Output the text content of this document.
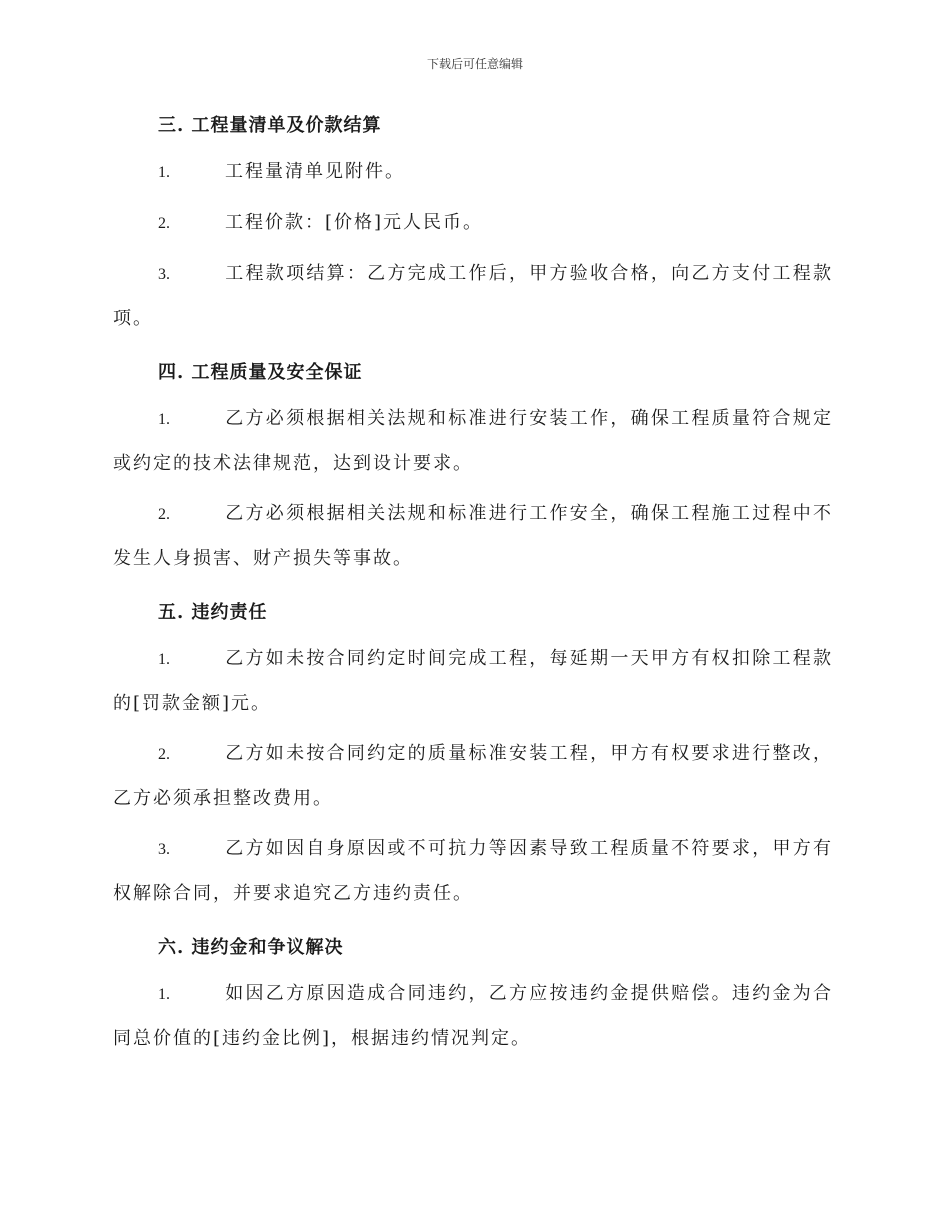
下载后可任意编辑
三. 工程量清单及价款结算

1.	工程量清单见附件。

2.	工程价款：[价格]元人民币。

3.	工程款项结算：乙方完成工作后，甲方验收合格，向乙方支付工程款项。

四. 工程质量及安全保证

1.	乙方必须根据相关法规和标准进行安装工作，确保工程质量符合规定或约定的技术法律规范，达到设计要求。

2.	乙方必须根据相关法规和标准进行工作安全，确保工程施工过程中不发生人身损害、财产损失等事故。

五. 违约责任

1.	乙方如未按合同约定时间完成工程，每延期一天甲方有权扣除工程款的[罚款金额]元。

2.	乙方如未按合同约定的质量标准安装工程，甲方有权要求进行整改，乙方必须承担整改费用。

3.	乙方如因自身原因或不可抗力等因素导致工程质量不符要求，甲方有权解除合同，并要求追究乙方违约责任。

六. 违约金和争议解决

1.	如因乙方原因造成合同违约，乙方应按违约金提供赔偿。违约金为合同总价值的[违约金比例]，根据违约情况判定。
